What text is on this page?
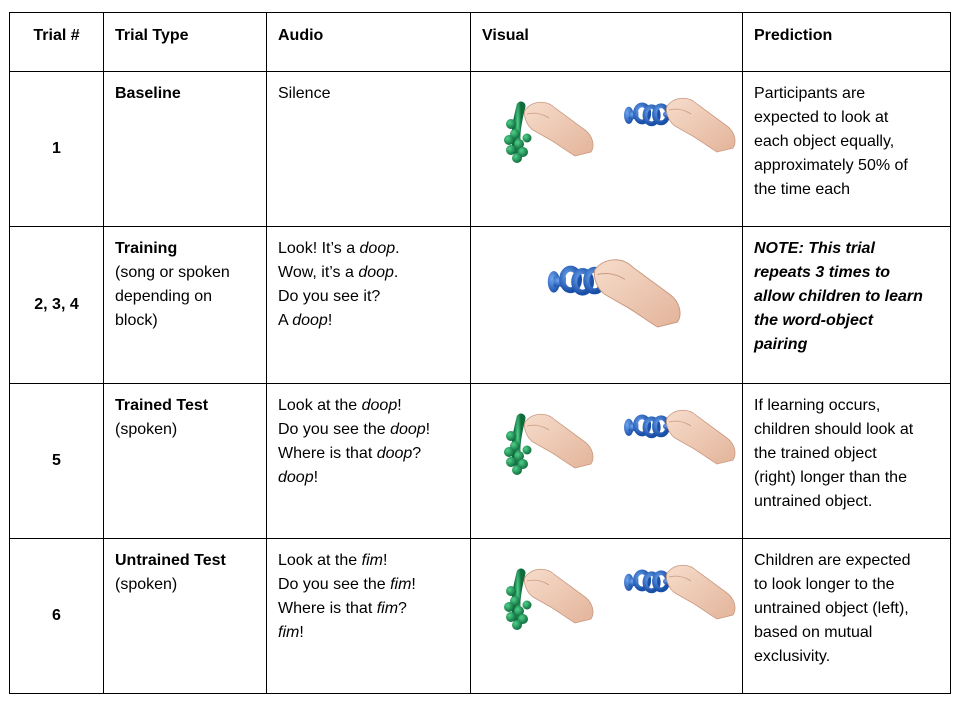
Trial #	Trial Type	Audio	Visual	Prediction

1	Baseline	Silence		Participants are
expected to look at
each object equally,
approximately 50% of
the time each

2, 3, 4	Training
(song or spoken
depending on
block)	Look! It’s a doop.
Wow, it’s a doop.
Do you see it?
A doop!		NOTE: This trial
repeats 3 times to
allow children to learn
the word-object
pairing

5	Trained Test
(spoken)	Look at the doop!
Do you see the doop!
Where is that doop?
doop!		If learning occurs,
children should look at
the trained object
(right) longer than the
untrained object.

6	Untrained Test
(spoken)	Look at the fim!
Do you see the fim!
Where is that fim?
fim!		Children are expected
to look longer to the
untrained object (left),
based on mutual
exclusivity.
